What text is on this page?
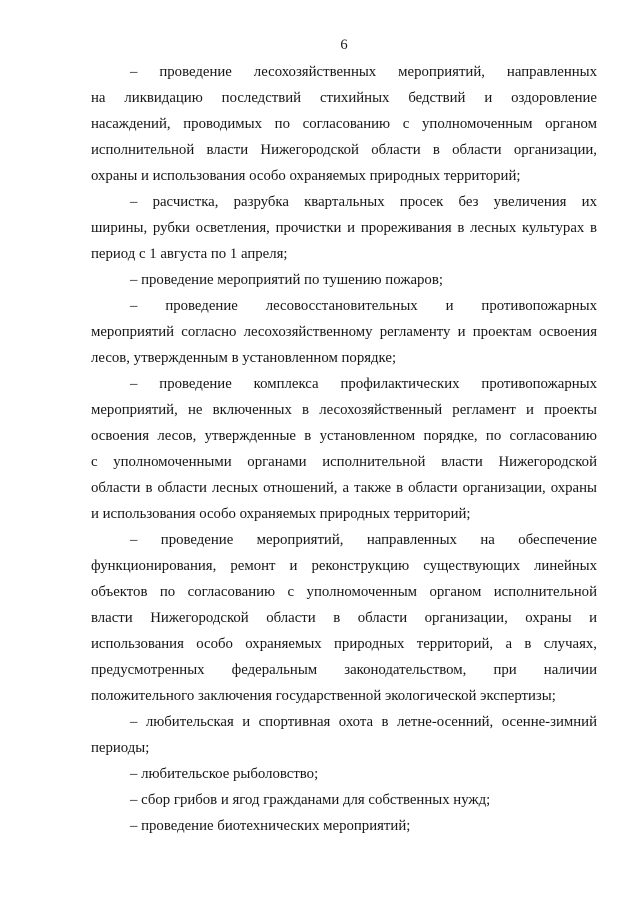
6
– проведение лесохозяйственных мероприятий, направленных
на ликвидацию последствий стихийных бедствий и оздоровление
насаждений, проводимых по согласованию с уполномоченным органом
исполнительной власти Нижегородской области в области организации,
охраны и использования особо охраняемых природных территорий;
– расчистка, разрубка квартальных просек без увеличения их
ширины, рубки осветления, прочистки и прореживания в лесных культурах в
период с 1 августа по 1 апреля;
– проведение мероприятий по тушению пожаров;
– проведение лесовосстановительных и противопожарных
мероприятий согласно лесохозяйственному регламенту и проектам освоения
лесов, утвержденным в установленном порядке;
– проведение комплекса профилактических противопожарных
мероприятий, не включенных в лесохозяйственный регламент и проекты
освоения лесов, утвержденные в установленном порядке, по согласованию
с уполномоченными органами исполнительной власти Нижегородской
области в области лесных отношений, а также в области организации, охраны
и использования особо охраняемых природных территорий;
– проведение мероприятий, направленных на обеспечение
функционирования, ремонт и реконструкцию существующих линейных
объектов по согласованию с уполномоченным органом исполнительной
власти Нижегородской области в области организации, охраны и
использования особо охраняемых природных территорий, а в случаях,
предусмотренных федеральным законодательством, при наличии
положительного заключения государственной экологической экспертизы;
– любительская и спортивная охота в летне-осенний, осенне-зимний
периоды;
– любительское рыболовство;
– сбор грибов и ягод гражданами для собственных нужд;
– проведение биотехнических мероприятий;
